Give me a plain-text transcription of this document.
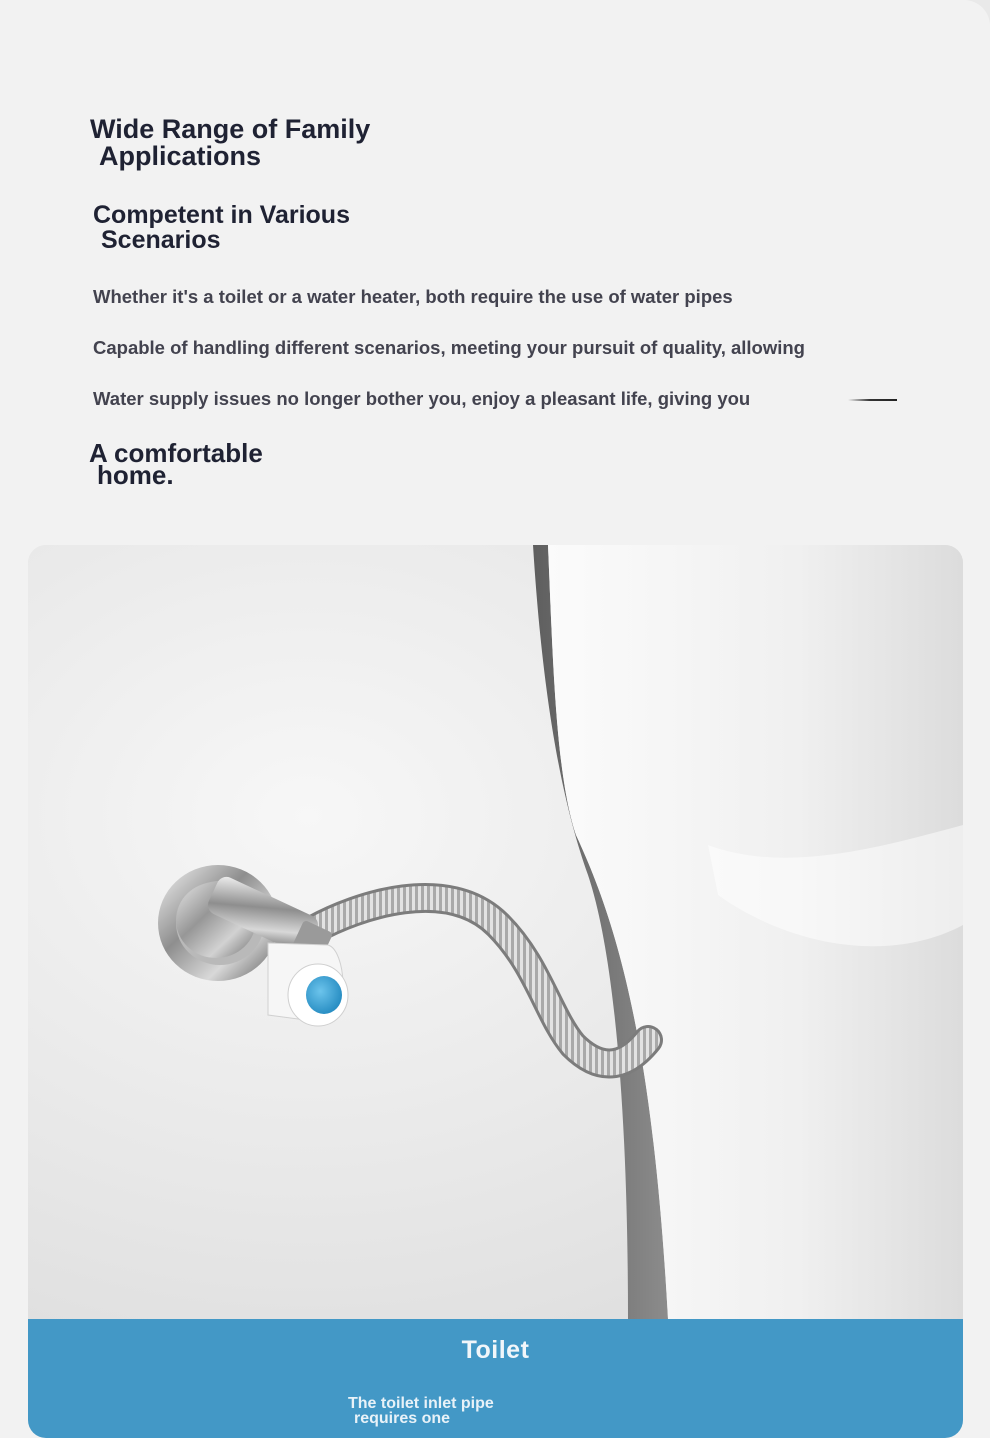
Wide Range of Family
Applications
Competent in Various
Scenarios
Whether it's a toilet or a water heater, both require the use of water pipes
Capable of handling different scenarios, meeting your pursuit of quality, allowing
Water supply issues no longer bother you, enjoy a pleasant life, giving you
A comfortable
home.
Toilet
The toilet inlet pipe
requires one
